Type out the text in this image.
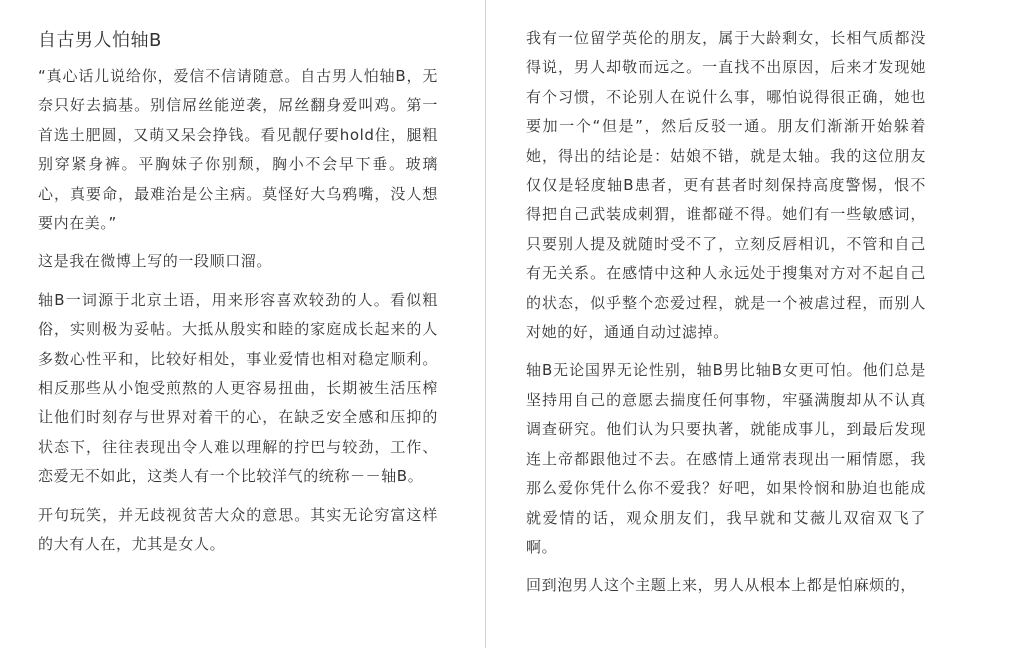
自古男人怕轴B

“真心话儿说给你，爱信不信请随意。自古男人怕轴B，无奈只好去搞基。别信屌丝能逆袭，屌丝翻身爱叫鸡。第一首选土肥圆，又萌又呆会挣钱。看见靓仔要hold住，腿粗别穿紧身裤。平胸妹子你别颓，胸小不会早下垂。玻璃心，真要命，最难治是公主病。莫怪好大乌鸦嘴，没人想要内在美。”

这是我在微博上写的一段顺口溜。

轴B一词源于北京土语，用来形容喜欢较劲的人。看似粗俗，实则极为妥帖。大抵从殷实和睦的家庭成长起来的人多数心性平和，比较好相处，事业爱情也相对稳定顺利。相反那些从小饱受煎熬的人更容易扭曲，长期被生活压榨让他们时刻存与世界对着干的心，在缺乏安全感和压抑的状态下，往往表现出令人难以理解的拧巴与较劲，工作、恋爱无不如此，这类人有一个比较洋气的统称－－轴B。

开句玩笑，并无歧视贫苦大众的意思。其实无论穷富这样的大有人在，尤其是女人。

我有一位留学英伦的朋友，属于大龄剩女，长相气质都没得说，男人却敬而远之。一直找不出原因，后来才发现她有个习惯，不论别人在说什么事，哪怕说得很正确，她也要加一个“但是”，然后反驳一通。朋友们渐渐开始躲着她，得出的结论是：姑娘不错，就是太轴。我的这位朋友仅仅是轻度轴B患者，更有甚者时刻保持高度警惕，恨不得把自己武装成刺猬，谁都碰不得。她们有一些敏感词，只要别人提及就随时受不了，立刻反唇相讥，不管和自己有无关系。在感情中这种人永远处于搜集对方对不起自己的状态，似乎整个恋爱过程，就是一个被虐过程，而别人对她的好，通通自动过滤掉。

轴B无论国界无论性别，轴B男比轴B女更可怕。他们总是坚持用自己的意愿去揣度任何事物，牢骚满腹却从不认真调查研究。他们认为只要执著，就能成事儿，到最后发现连上帝都跟他过不去。在感情上通常表现出一厢情愿，我那么爱你凭什么你不爱我？好吧，如果怜悯和胁迫也能成就爱情的话，观众朋友们，我早就和艾薇儿双宿双飞了啊。

回到泡男人这个主题上来，男人从根本上都是怕麻烦的，
